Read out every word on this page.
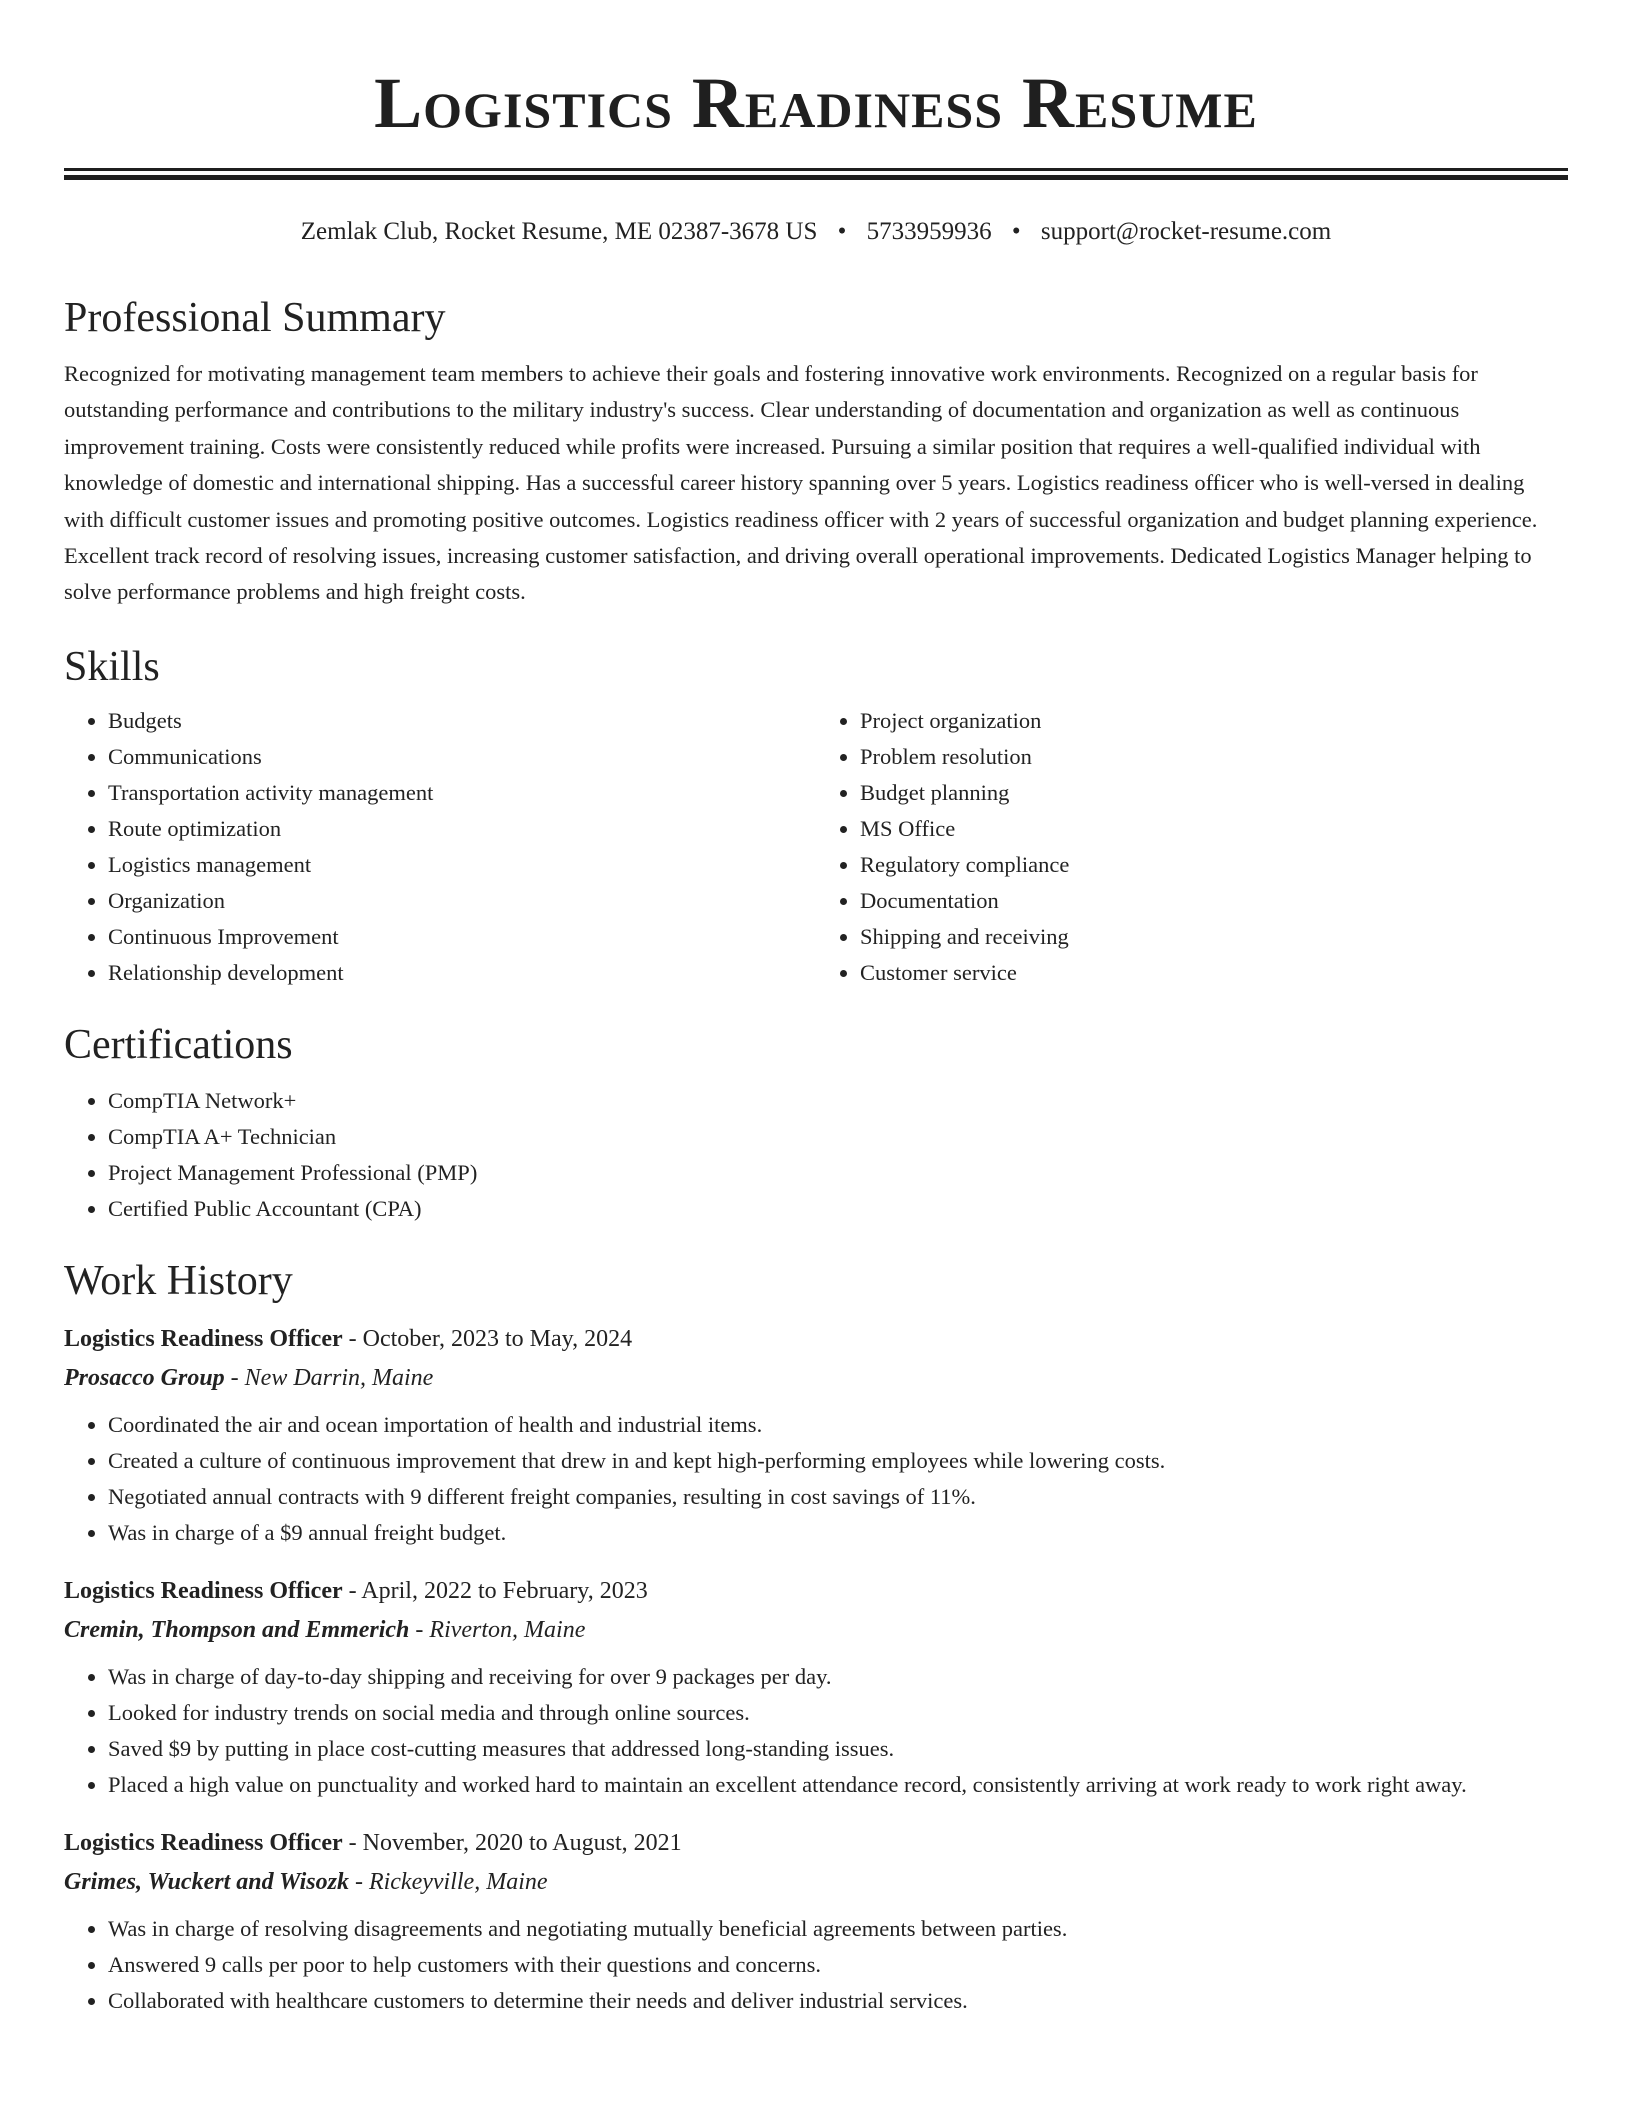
Logistics Readiness Resume
Zemlak Club, Rocket Resume, ME 02387-3678 US • 5733959936 • support@rocket-resume.com
Professional Summary

Recognized for motivating management team members to achieve their goals and fostering innovative work environments. Recognized on a regular basis for outstanding performance and contributions to the military industry's success. Clear understanding of documentation and organization as well as continuous improvement training. Costs were consistently reduced while profits were increased. Pursuing a similar position that requires a well-qualified individual with knowledge of domestic and international shipping. Has a successful career history spanning over 5 years. Logistics readiness officer who is well-versed in dealing with difficult customer issues and promoting positive outcomes. Logistics readiness officer with 2 years of successful organization and budget planning experience. Excellent track record of resolving issues, increasing customer satisfaction, and driving overall operational improvements. Dedicated Logistics Manager helping to solve performance problems and high freight costs.

Skills
• Budgets
• Communications
• Transportation activity management
• Route optimization
• Logistics management
• Organization
• Continuous Improvement
• Relationship development
• Project organization
• Problem resolution
• Budget planning
• MS Office
• Regulatory compliance
• Documentation
• Shipping and receiving
• Customer service
Certifications
• CompTIA Network+
• CompTIA A+ Technician
• Project Management Professional (PMP)
• Certified Public Accountant (CPA)
Work History
Logistics Readiness Officer - October, 2023 to May, 2024
Prosacco Group - New Darrin, Maine
• Coordinated the air and ocean importation of health and industrial items.
• Created a culture of continuous improvement that drew in and kept high-performing employees while lowering costs.
• Negotiated annual contracts with 9 different freight companies, resulting in cost savings of 11%.
• Was in charge of a $9 annual freight budget.
Logistics Readiness Officer - April, 2022 to February, 2023
Cremin, Thompson and Emmerich - Riverton, Maine
• Was in charge of day-to-day shipping and receiving for over 9 packages per day.
• Looked for industry trends on social media and through online sources.
• Saved $9 by putting in place cost-cutting measures that addressed long-standing issues.
• Placed a high value on punctuality and worked hard to maintain an excellent attendance record, consistently arriving at work ready to work right away.
Logistics Readiness Officer - November, 2020 to August, 2021
Grimes, Wuckert and Wisozk - Rickeyville, Maine
• Was in charge of resolving disagreements and negotiating mutually beneficial agreements between parties.
• Answered 9 calls per poor to help customers with their questions and concerns.
• Collaborated with healthcare customers to determine their needs and deliver industrial services.
